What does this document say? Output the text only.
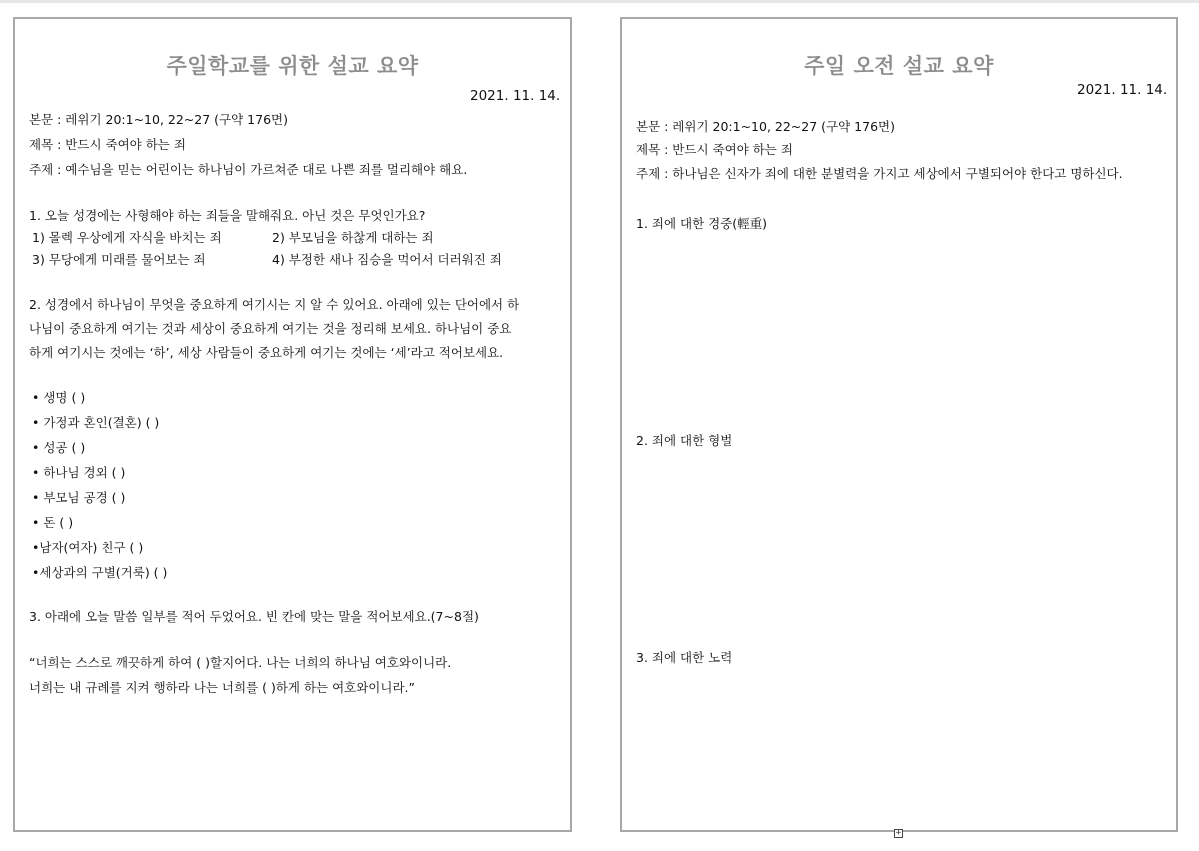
주일학교를 위한 설교 요약
2021. 11. 14.
본문 : 레위기 20:1~10, 22~27 (구약 176면)
제목 : 반드시 죽여야 하는 죄
주제 : 예수님을 믿는 어린이는 하나님이 가르쳐준 대로 나쁜 죄를 멀리해야 해요.
1. 오늘 성경에는 사형해야 하는 죄들을 말해줘요. 아닌 것은 무엇인가요?
1) 몰렉 우상에게 자식을 바치는 죄	2) 부모님을 하찮게 대하는 죄
3) 무당에게 미래를 물어보는 죄	4) 부정한 새나 짐승을 먹어서 더러워진 죄
2. 성경에서 하나님이 무엇을 중요하게 여기시는 지 알 수 있어요. 아래에 있는 단어에서 하
나님이 중요하게 여기는 것과 세상이 중요하게 여기는 것을 정리해 보세요. 하나님이 중요
하게 여기시는 것에는 ‘하’, 세상 사람들이 중요하게 여기는 것에는 ‘세’라고 적어보세요.
• 생명 ( )
• 가정과 혼인(결혼) ( )
• 성공 ( )
• 하나님 경외 ( )
• 부모님 공경 ( )
• 돈 ( )
•남자(여자) 친구 ( )
•세상과의 구별(거룩) ( )
3. 아래에 오늘 말씀 일부를 적어 두었어요. 빈 칸에 맞는 말을 적어보세요.(7~8절)
“너희는 스스로 깨끗하게 하여 ( )할지어다. 나는 너희의 하나님 여호와이니라.
너희는 내 규례를 지켜 행하라 나는 너희를 ( )하게 하는 여호와이니라.”
주일 오전 설교 요약
2021. 11. 14.
본문 : 레위기 20:1~10, 22~27 (구약 176면)
제목 : 반드시 죽여야 하는 죄
주제 : 하나님은 신자가 죄에 대한 분별력을 가지고 세상에서 구별되어야 한다고 명하신다.
1. 죄에 대한 경중(輕重)
2. 죄에 대한 형벌
3. 죄에 대한 노력
+
